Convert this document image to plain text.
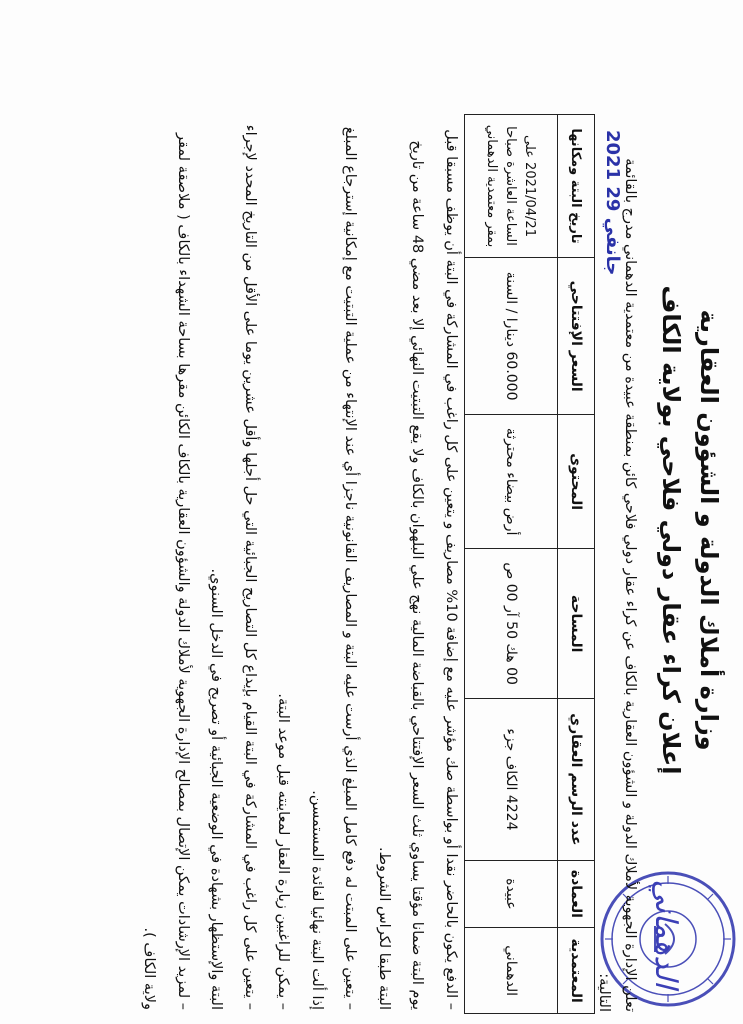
الدهماني
وزارة أملاك الدولة و الشؤون العقارية
إعلان كراء عقار دولي فلاحي بولاية الكاف
2021 جانفي 29 تعلن الإدارة الجهوية لأملاك الدولة و الشؤون العقارية بالكاف عن كراء عقار دولي فلاحي كائن بمنطقة عبيدة من معتمدية الدهماني مدرج بالقائمة التالية:
المعتمدية	العمادة	عدد الرسم العقاري	المساحة	المحتوى	السعر الإفتتاحي	تاريخ البتة ومكانها
الدهماني	عبيدة	4224 الكاف جزء	00 هك 50 آر 00 ص	أرض بيضاء محترثة	60.000 دينارا / السنة	2021/04/21 على الساعة العاشرة صباحا بمقر معتمدية الدهماني
– الدفع يكون بالحاضر نقدا أو بواسطة صك مؤشر عليه مع إضافة 10% مصاريف و يتعين على كل راغب في المشاركة في البتة أن يوظف مسبقا قبل
يوم البتة ضمانا مؤقتا يساوي ثلث السعر الإفتتاحي بالقباضة المالية نهج علي البلهوان بالكاف ولا يقع التبتيت النهائي إلا بعد مضي 48 ساعة من تاريخ
البتة طبقا لكراس الشروط.
– يتعين على المبتت له دفع كامل المبلغ الذي أرست عليه البتة و المصاريف القانونية ناجزا أي عند الإنتهاء من عملية التبتيت مع إمكانية إسترجاع المبلغ
إذا ألت البتة نهائيا لفائدة المستمسن.
– يمكن للراغبين زيارة العقار لمعاينته قبل موعد البتة.
– يتعين على كل راغب في المشاركة في البتة القيام بإيداع كل التصاريح الجبائية التي حل أجلها وأقل عشرين يوما على الأقل من التاريخ المحدد لإجراء
البتة والإستظهار بشهادة في الوضعية الجبائية أو تصريح في الدخل السنوي.
– لمزيد الإرشادات يمكن الإتصال بمصالح الإدارة الجهوية لأملاك الدولة والشؤون العقارية بالكاف الكائن مقرها بساحة الشهداء بالكاف ( ملاصقة لمقر
ولاية الكاف ).
